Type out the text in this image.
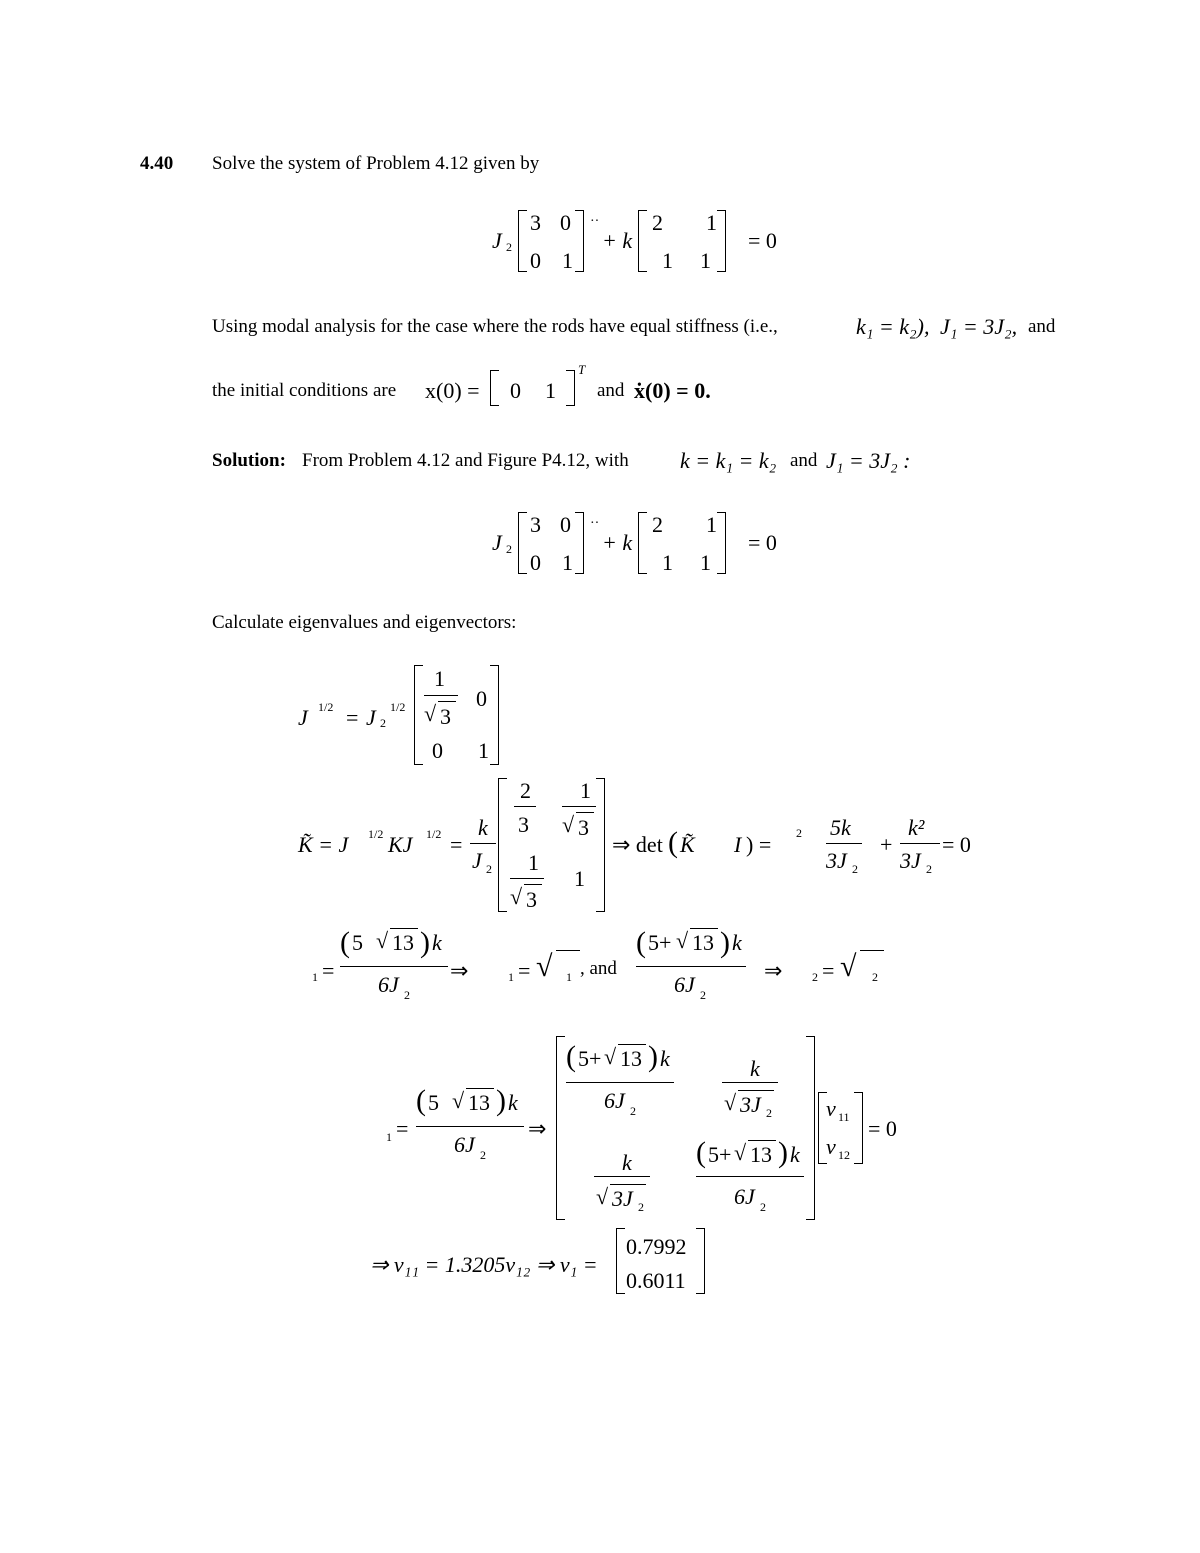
4.40 Solve the system of Problem 4.12 given by
J 2
3 0
0 1
··
+ k
2 1
1 1
= 0
Using modal analysis for the case where the rods have equal stiffness (i.e.,	k₁ = k₂), J₁ = 3J₂, and
the initial conditions are x(0) = 0 1
T
and ẋ(0) = 0.
Solution: From Problem 4.12 and Figure P4.12, with k = k₁ = k₂ and J₁ = 3J₂ :
J 2
3 0
0 1
··
+ k
2 1
1 1
= 0
Calculate eigenvalues and eigenvectors:
J 1/2 = J 2
1/2
1
√ 3
0
0 1
K̃ = J 1/2 KJ 1/2 =
k
J 2
2
3
1
√ 3
1
√ 3
1
⇒ det ( K̃ I ) = 2 5k
3J 2
+
k²
3J 2
= 0
1 =
( 5 √ 13 ) k
6J 2
⇒	1 = √ 1 , and
( 5+ √ 13 ) k
6J 2
⇒ 2 = √ 2
1 =
( 5 √ 13 ) k
6J 2
⇒
( 5+ √ 13 ) k
6J 2
k
√ 3J 2
k
√ 3J 2
( 5+ √ 13 ) k
6J 2
v 11
v 12
= 0
⇒ v₁₁ = 1.3205v₁₂ ⇒ v₁ =
0.7992
0.6011
